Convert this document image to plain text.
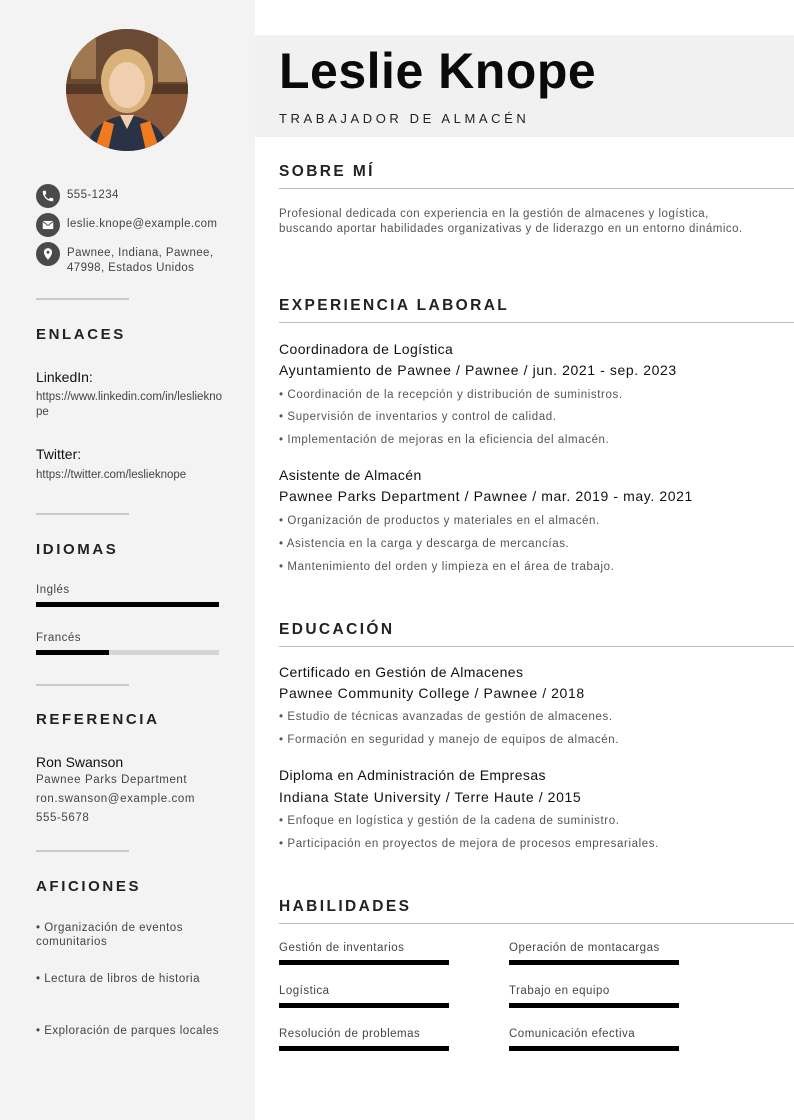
555-1234
leslie.knope@example.com
Pawnee, Indiana, Pawnee,
47998, Estados Unidos
ENLACES
LinkedIn:
https://www.linkedin.com/in/leslieknope
Twitter:
https://twitter.com/leslieknope
IDIOMAS
Inglés
Francés
REFERENCIA
Ron Swanson
Pawnee Parks Department
ron.swanson@example.com
555-5678
AFICIONES
• Organización de eventos comunitarios
• Lectura de libros de historia
• Exploración de parques locales
Leslie Knope
TRABAJADOR DE ALMACÉN
SOBRE MÍ
Profesional dedicada con experiencia en la gestión de almacenes y logística, buscando aportar habilidades organizativas y de liderazgo en un entorno dinámico.
EXPERIENCIA LABORAL
Coordinadora de Logística
Ayuntamiento de Pawnee / Pawnee / jun. 2021 - sep. 2023
• Coordinación de la recepción y distribución de suministros.
• Supervisión de inventarios y control de calidad.
• Implementación de mejoras en la eficiencia del almacén.
Asistente de Almacén
Pawnee Parks Department / Pawnee / mar. 2019 - may. 2021
• Organización de productos y materiales en el almacén.
• Asistencia en la carga y descarga de mercancías.
• Mantenimiento del orden y limpieza en el área de trabajo.
EDUCACIÓN
Certificado en Gestión de Almacenes
Pawnee Community College / Pawnee / 2018
• Estudio de técnicas avanzadas de gestión de almacenes.
• Formación en seguridad y manejo de equipos de almacén.
Diploma en Administración de Empresas
Indiana State University / Terre Haute / 2015
• Enfoque en logística y gestión de la cadena de suministro.
• Participación en proyectos de mejora de procesos empresariales.
HABILIDADES
Gestión de inventarios	Operación de montacargas
Logística	Trabajo en equipo
Resolución de problemas	Comunicación efectiva
